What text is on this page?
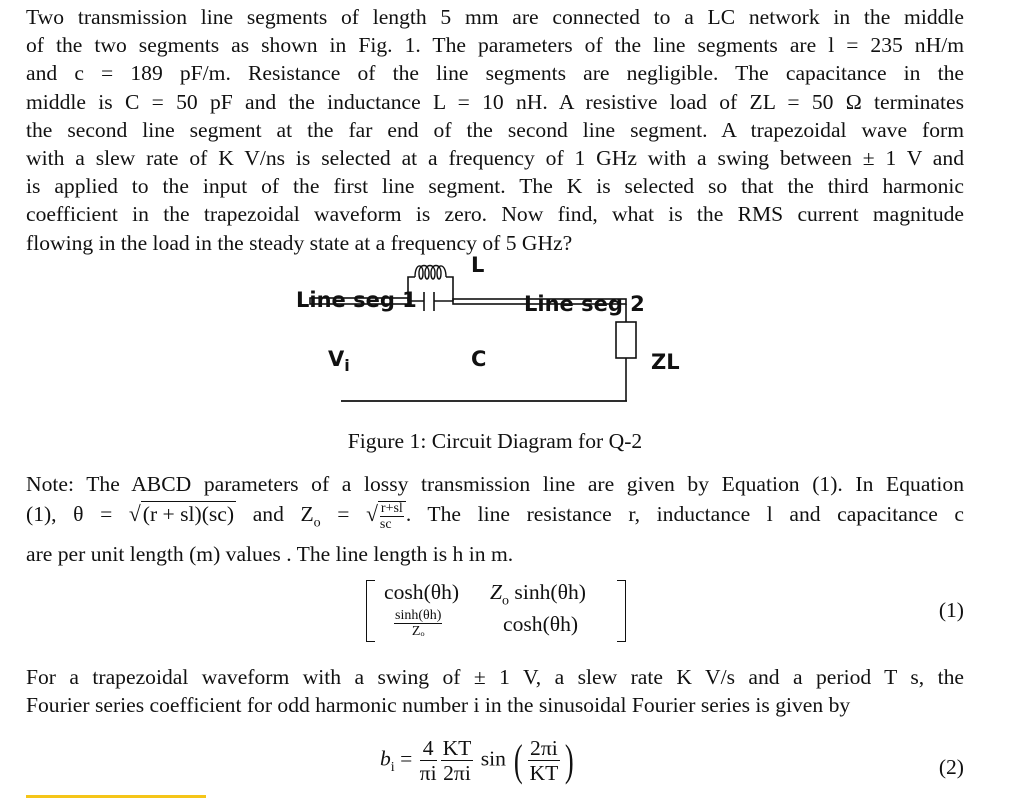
Two transmission line segments of length 5 mm are connected to a LC network in the middle
of the two segments as shown in Fig. 1. The parameters of the line segments are l = 235 nH/m
and c = 189 pF/m. Resistance of the line segments are negligible. The capacitance in the
middle is C = 50 pF and the inductance L = 10 nH. A resistive load of ZL = 50 Ω terminates
the second line segment at the far end of the second line segment. A trapezoidal wave form
with a slew rate of K V/ns is selected at a frequency of 1 GHz with a swing between ± 1 V and
is applied to the input of the first line segment. The K is selected so that the third harmonic
coefficient in the trapezoidal waveform is zero. Now find, what is the RMS current magnitude
flowing in the load in the steady state at a frequency of 5 GHz?
L
C
Line seg 1	Line seg 2
$V_i$	ZL
Figure 1: Circuit Diagram for Q-2
Note: The ABCD parameters of a lossy transmission line are given by Equation (1). In Equation
(1), θ = √(r + sl)(sc) and $Z_o$ = √ $\frac{r+sl}{sc}$ . The line resistance r, inductance l and capacitance c
are per unit length (m) values . The line length is h in m.
cosh(θh) $Z_o$ sinh(θh)
$\frac{\sinh(\theta h)}{\text{Zₒ}}$	cosh(θh)
(1)
For a trapezoidal waveform with a swing of ± 1 V, a slew rate K V/s and a period T s, the
Fourier series coefficient for odd harmonic number i in the sinusoidal Fourier series is given by
$b_i = \frac{4}{\pi i} \frac{KT}{2\pi i}$ sin ( $\frac{2\pi i}{KT}$ )	(2)
